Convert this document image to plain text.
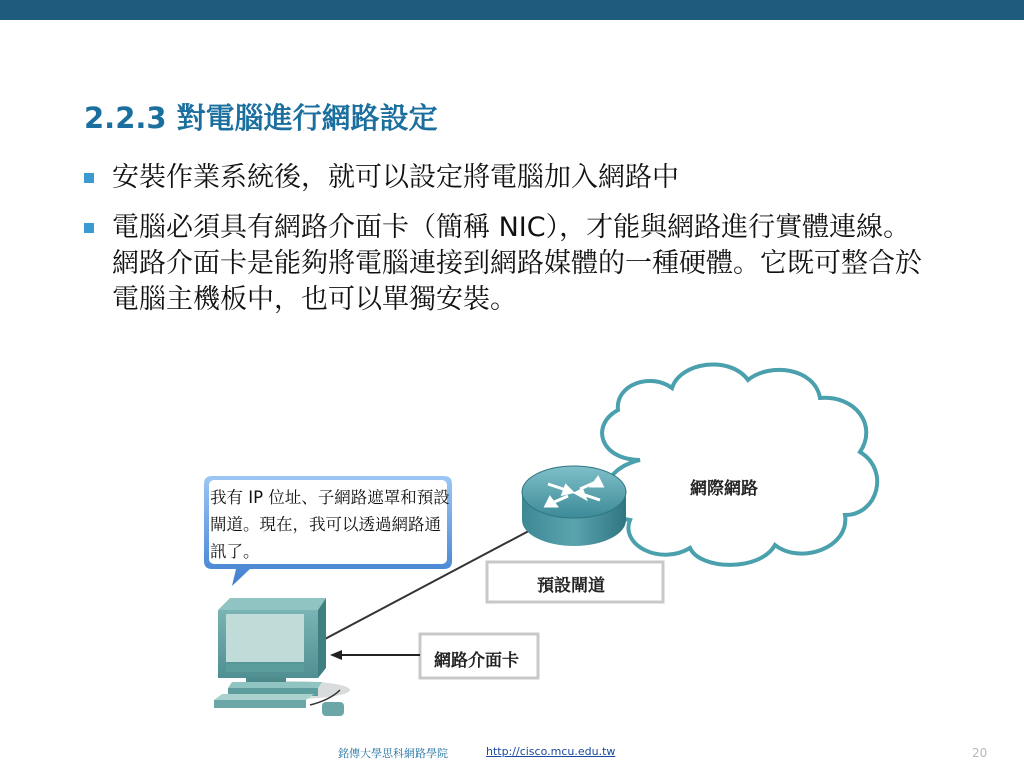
2.2.3 對電腦進行網路設定
安裝作業系統後，就可以設定將電腦加入網路中
電腦必須具有網路介面卡（簡稱 NIC），才能與網路進行實體連線。網路介面卡是能夠將電腦連接到網路媒體的一種硬體。它既可整合於電腦主機板中，也可以單獨安裝。
我有 IP 位址、子網路遮罩和預設閘道。現在，我可以透過網路通訊了。
網際網路
預設閘道
網路介面卡
銘傳大學思科網路學院	http://cisco.mcu.edu.tw	20
